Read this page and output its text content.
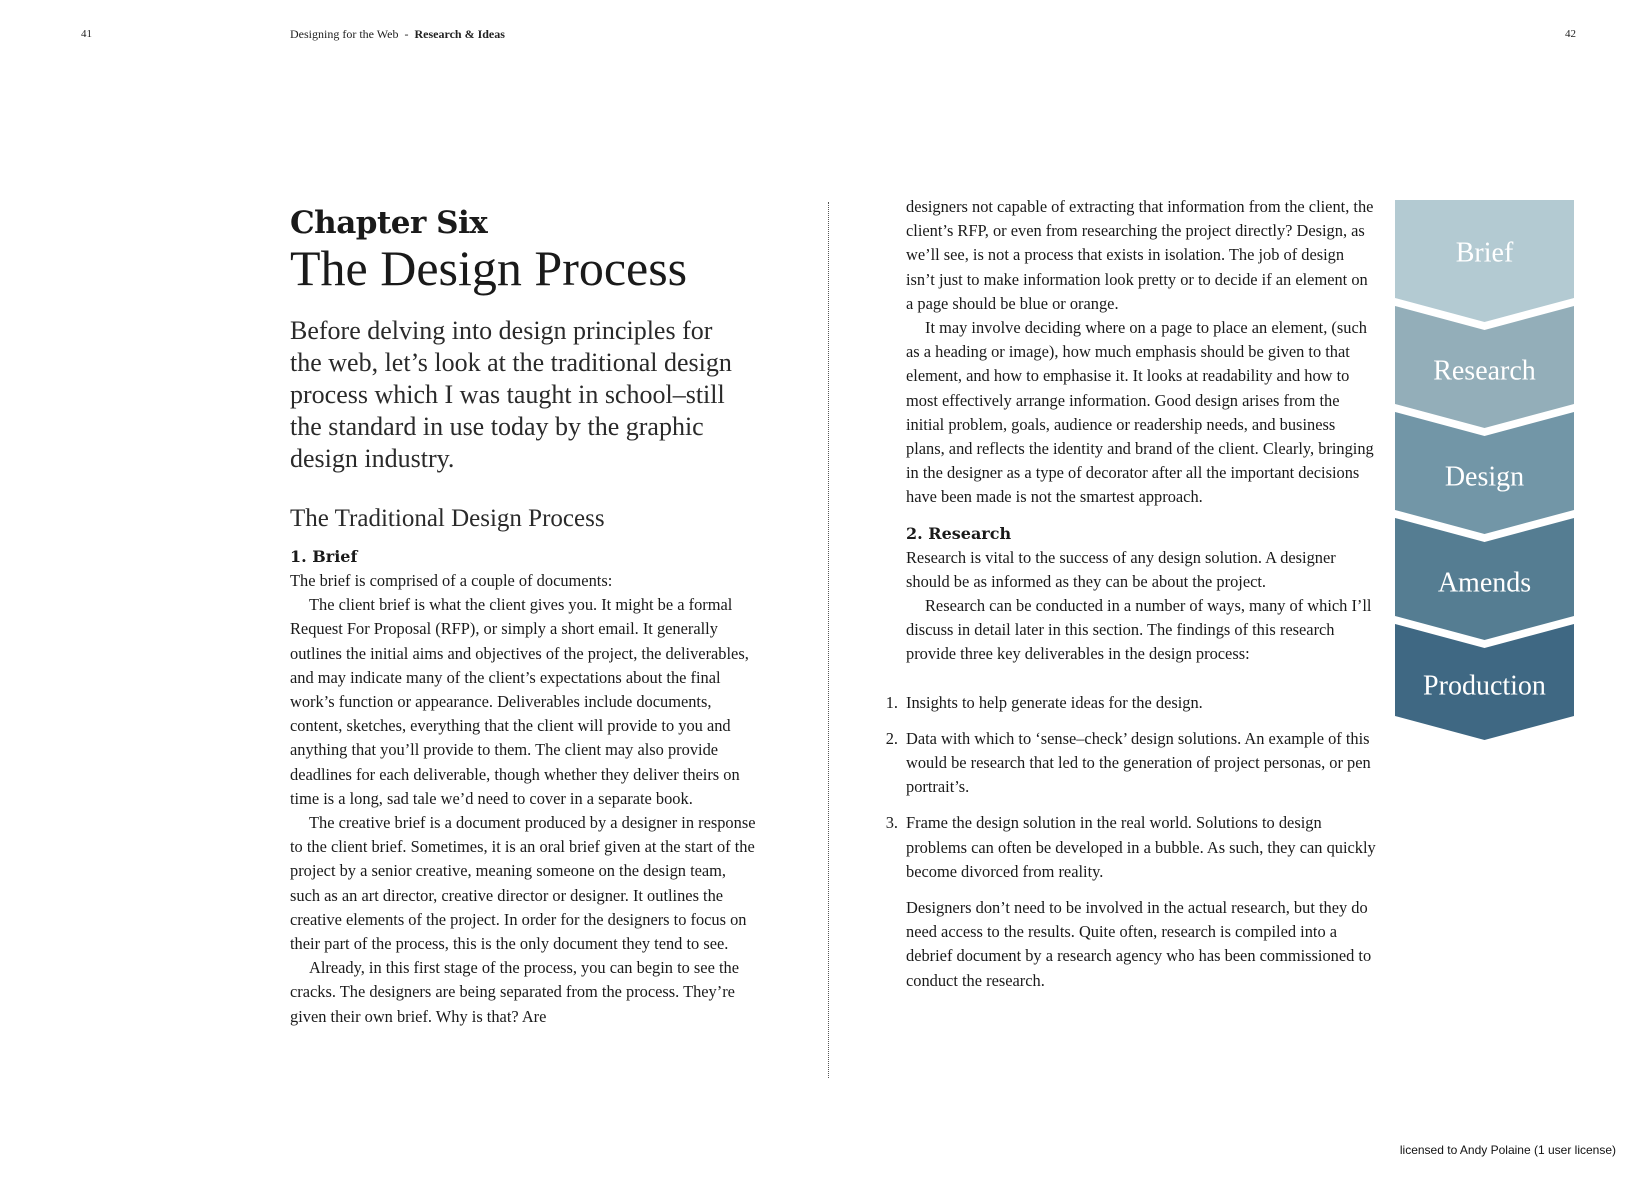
41	42
Designing for the Web - Research & Ideas
Chapter Six
The Design Process

Before delving into design principles for the web, let’s look at the traditional design process which I was taught in school–still the standard in use today by the graphic design industry.

The Traditional Design Process
1. Brief

The brief is comprised of a couple of documents:

The client brief is what the client gives you. It might be a formal Request For Proposal (RFP), or simply a short email. It generally outlines the initial aims and objectives of the project, the deliverables, and may indicate many of the client’s expectations about the final work’s function or appearance. Deliverables include documents, content, sketches, everything that the client will provide to you and anything that you’ll provide to them. The client may also provide deadlines for each deliverable, though whether they deliver theirs on time is a long, sad tale we’d need to cover in a separate book.

The creative brief is a document produced by a designer in response to the client brief. Sometimes, it is an oral brief given at the start of the project by a senior creative, meaning someone on the design team, such as an art director, creative director or designer. It outlines the creative elements of the project. In order for the designers to focus on their part of the process, this is the only document they tend to see.

Already, in this first stage of the process, you can begin to see the cracks. The designers are being separated from the process. They’re given their own brief. Why is that? Are

designers not capable of extracting that information from the client, the client’s RFP, or even from researching the project directly? Design, as we’ll see, is not a process that exists in isolation. The job of design isn’t just to make information look pretty or to decide if an element on a page should be blue or orange.

It may involve deciding where on a page to place an element, (such as a heading or image), how much emphasis should be given to that element, and how to emphasise it. It looks at readability and how to most effectively arrange information. Good design arises from the initial problem, goals, audience or readership needs, and business plans, and reflects the identity and brand of the client. Clearly, bringing in the designer as a type of decorator after all the important decisions have been made is not the smartest approach.

2. Research

Research is vital to the success of any design solution. A designer should be as informed as they can be about the project.

Research can be conducted in a number of ways, many of which I’ll discuss in detail later in this section. The findings of this research provide three key deliverables in the design process:

1. Insights to help generate ideas for the design.
2. Data with which to ‘sense–check’ design solutions. An example of this would be research that led to the generation of project personas, or pen portrait’s.
3. Frame the design solution in the real world. Solutions to design problems can often be developed in a bubble. As such, they can quickly become divorced from reality.

Designers don’t need to be involved in the actual research, but they do need access to the results. Quite often, research is compiled into a debrief document by a research agency who has been commissioned to conduct the research.

Brief
Research
Design
Amends
Production
licensed to Andy Polaine (1 user license)
